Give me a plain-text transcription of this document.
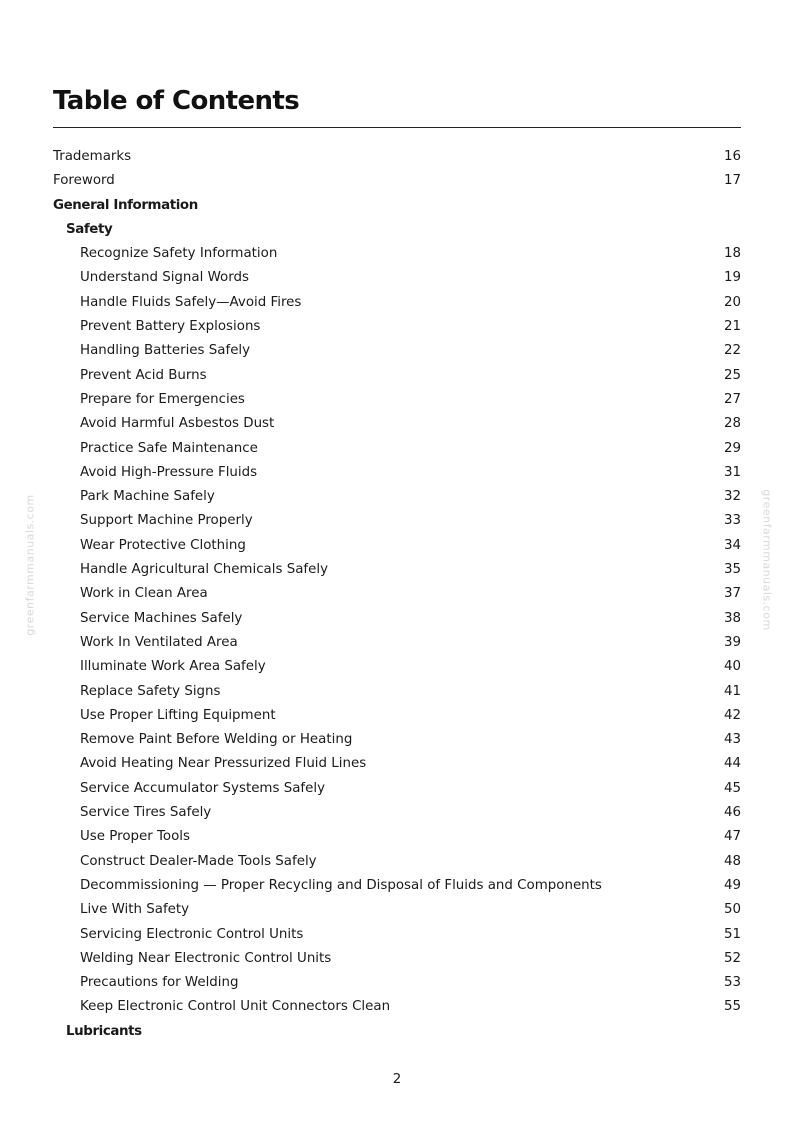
Table of Contents
Trademarks	16
Foreword	17
General Information
Safety
Recognize Safety Information	18
Understand Signal Words	19
Handle Fluids Safely—Avoid Fires	20
Prevent Battery Explosions	21
Handling Batteries Safely	22
Prevent Acid Burns	25
Prepare for Emergencies	27
Avoid Harmful Asbestos Dust	28
Practice Safe Maintenance	29
Avoid High-Pressure Fluids	31
Park Machine Safely	32
Support Machine Properly	33
Wear Protective Clothing	34
Handle Agricultural Chemicals Safely	35
Work in Clean Area	37
Service Machines Safely	38
Work In Ventilated Area	39
Illuminate Work Area Safely	40
Replace Safety Signs	41
Use Proper Lifting Equipment	42
Remove Paint Before Welding or Heating	43
Avoid Heating Near Pressurized Fluid Lines	44
Service Accumulator Systems Safely	45
Service Tires Safely	46
Use Proper Tools	47
Construct Dealer-Made Tools Safely	48
Decommissioning — Proper Recycling and Disposal of Fluids and Components	49
Live With Safety	50
Servicing Electronic Control Units	51
Welding Near Electronic Control Units	52
Precautions for Welding	53
Keep Electronic Control Unit Connectors Clean	55
Lubricants
2
greenfarmmanuals.com	greenfarmmanuals.com
